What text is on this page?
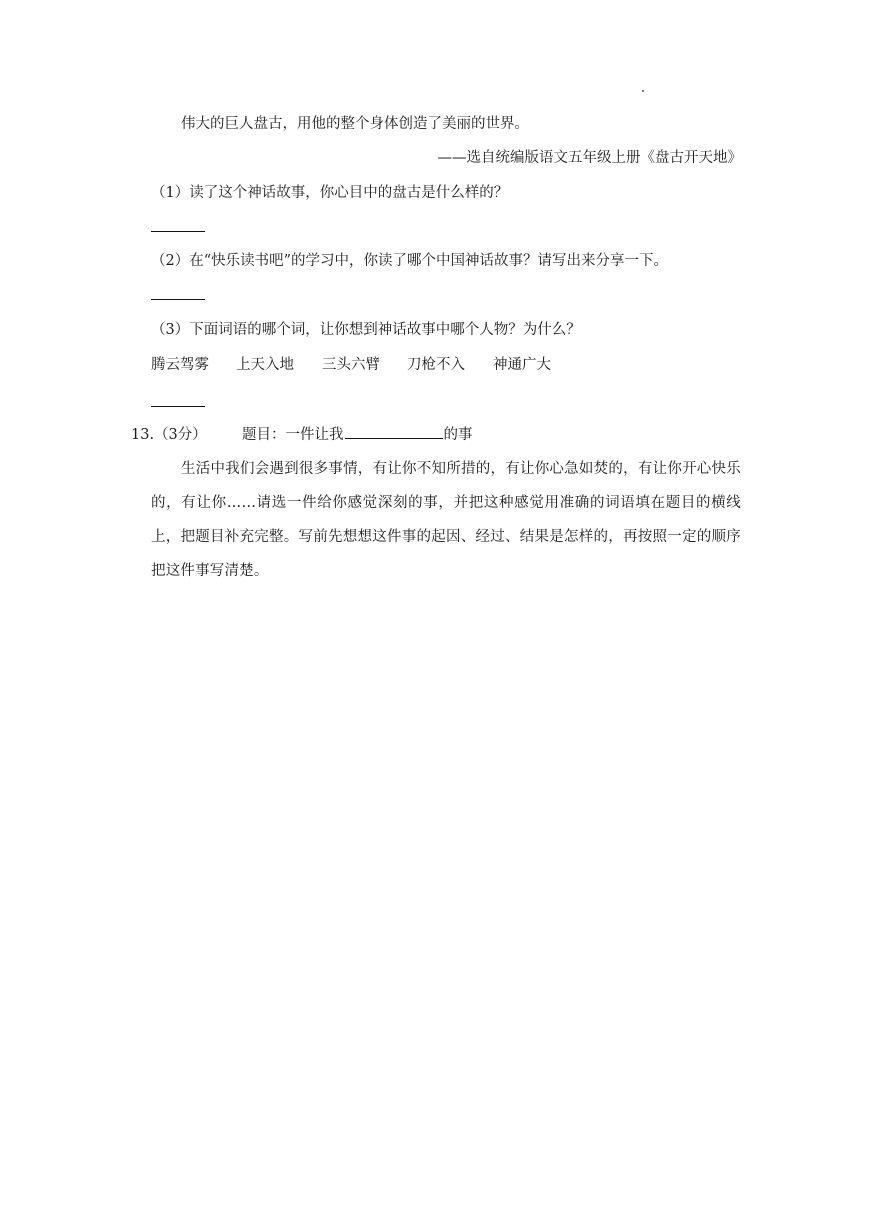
伟大的巨人盘古，用他的整个身体创造了美丽的世界。
——选自统编版语文五年级上册《盘古开天地》
（1）读了这个神话故事，你心目中的盘古是什么样的？
（2）在“快乐读书吧”的学习中，你读了哪个中国神话故事？请写出来分享一下。
（3）下面词语的哪个词，让你想到神话故事中哪个人物？为什么？
腾云驾雾 上天入地 三头六臂 刀枪不入 神通广大
13.（3分） 题目：一件让我	的事
生活中我们会遇到很多事情，有让你不知所措的，有让你心急如焚的，有让你开心快乐的，有让你……请选一件给你感觉深刻的事，并把这种感觉用准确的词语填在题目的横线上，把题目补充完整。写前先想想这件事的起因、经过、结果是怎样的，再按照一定的顺序把这件事写清楚。
